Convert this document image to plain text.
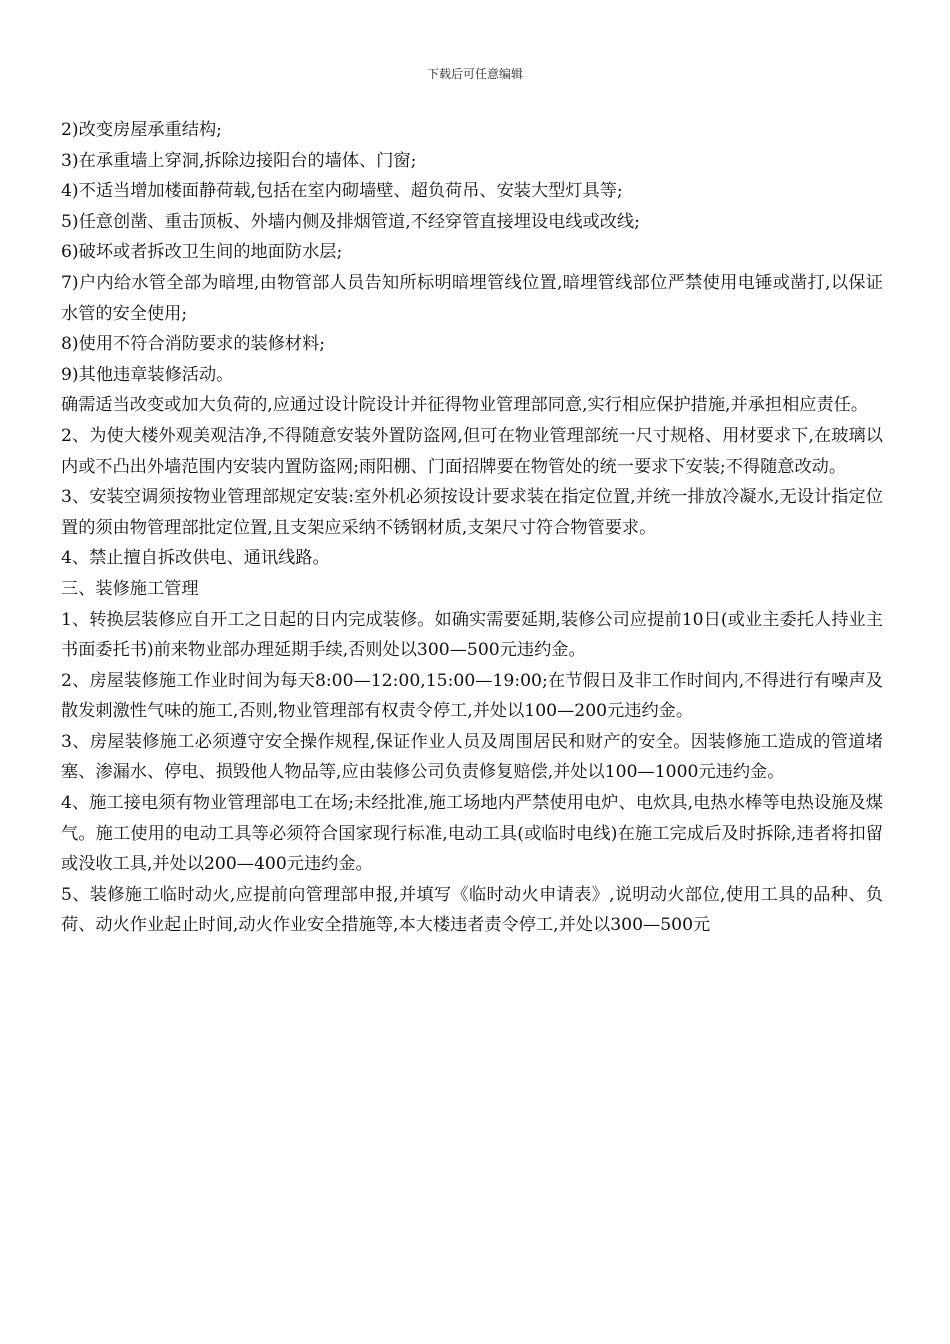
下载后可任意编辑

2)改变房屋承重结构;

3)在承重墙上穿洞,拆除边接阳台的墙体、门窗;

4)不适当增加楼面静荷载,包括在室内砌墙壁、超负荷吊、安装大型灯具等;

5)任意创凿、重击顶板、外墙内侧及排烟管道,不经穿管直接埋设电线或改线;

6)破坏或者拆改卫生间的地面防水层;

7)户内给水管全部为暗埋,由物管部人员告知所标明暗埋管线位置,暗埋管线部位严禁使用电锤或凿打,以保证水管的安全使用;

8)使用不符合消防要求的装修材料;

9)其他违章装修活动。

确需适当改变或加大负荷的,应通过设计院设计并征得物业管理部同意,实行相应保护措施,并承担相应责任。

2、为使大楼外观美观洁净,不得随意安装外置防盗网,但可在物业管理部统一尺寸规格、用材要求下,在玻璃以内或不凸出外墙范围内安装内置防盗网;雨阳棚、门面招牌要在物管处的统一要求下安装;不得随意改动。

3、安装空调须按物业管理部规定安装:室外机必须按设计要求装在指定位置,并统一排放冷凝水,无设计指定位置的须由物管理部批定位置,且支架应采纳不锈钢材质,支架尺寸符合物管要求。

4、禁止擅自拆改供电、通讯线路。

三、装修施工管理

1、转换层装修应自开工之日起的日内完成装修。如确实需要延期,装修公司应提前10日(或业主委托人持业主书面委托书)前来物业部办理延期手续,否则处以300—500元违约金。

2、房屋装修施工作业时间为每天8:00—12:00,15:00—19:00;在节假日及非工作时间内,不得进行有噪声及散发刺激性气味的施工,否则,物业管理部有权责令停工,并处以100—200元违约金。

3、房屋装修施工必须遵守安全操作规程,保证作业人员及周围居民和财产的安全。因装修施工造成的管道堵塞、渗漏水、停电、损毁他人物品等,应由装修公司负责修复赔偿,并处以100—1000元违约金。

4、施工接电须有物业管理部电工在场;未经批准,施工场地内严禁使用电炉、电炊具,电热水棒等电热设施及煤气。施工使用的电动工具等必须符合国家现行标准,电动工具(或临时电线)在施工完成后及时拆除,违者将扣留或没收工具,并处以200—400元违约金。

5、装修施工临时动火,应提前向管理部申报,并填写《临时动火申请表》,说明动火部位,使用工具的品种、负荷、动火作业起止时间,动火作业安全措施等,本大楼违者责令停工,并处以300—500元
